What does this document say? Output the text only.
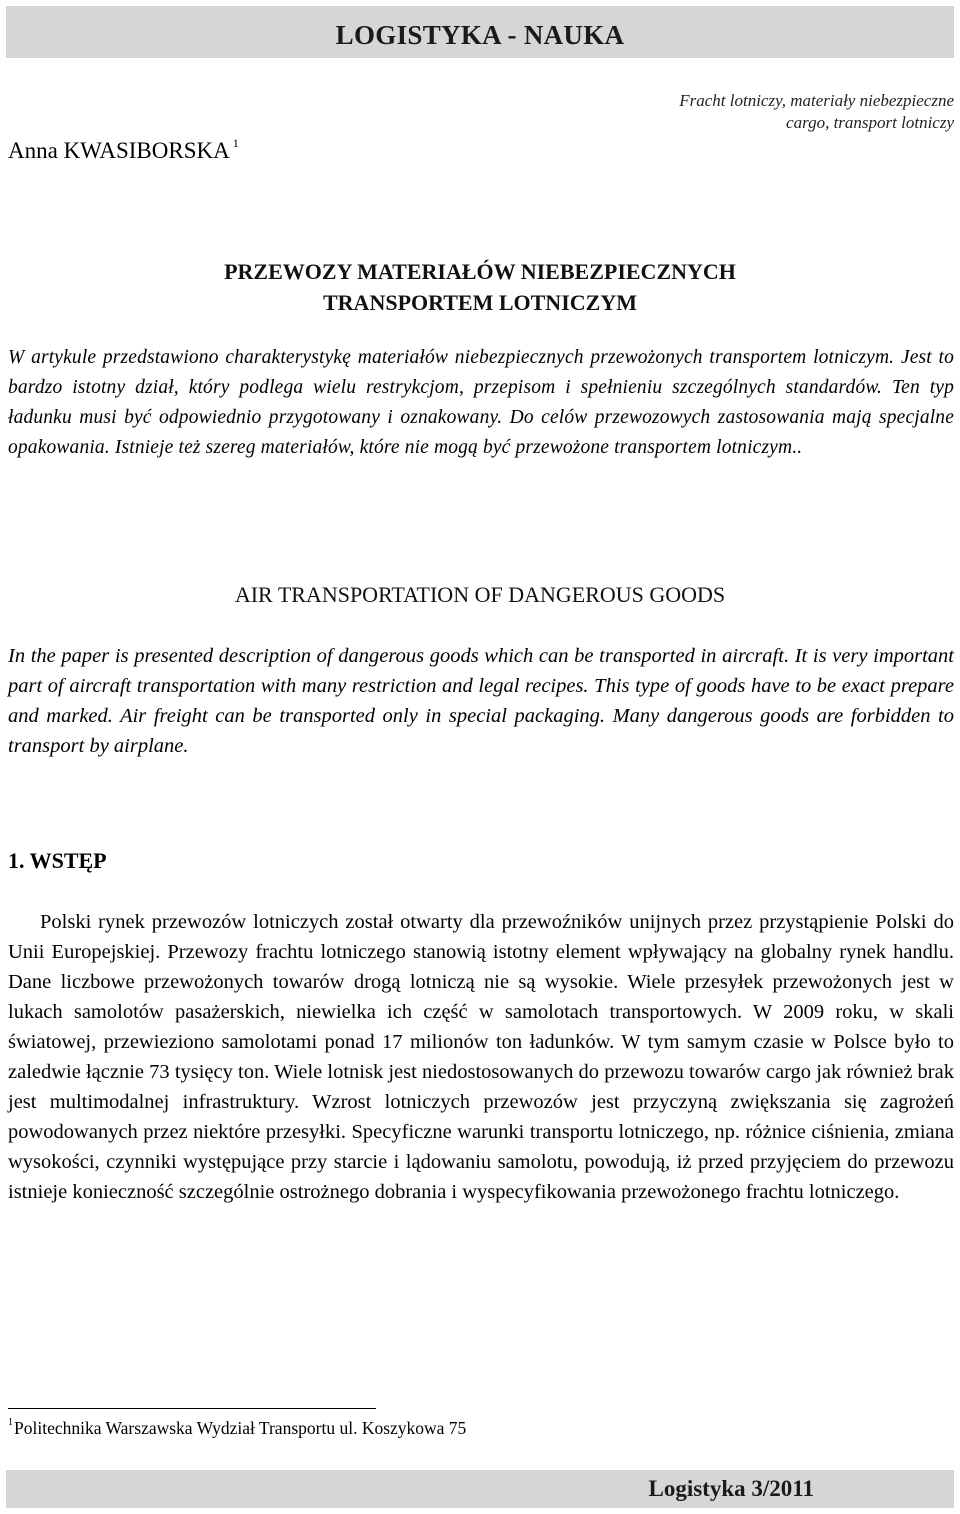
LOGISTYKA - NAUKA
Fracht lotniczy, materiały niebezpieczne
cargo, transport lotniczy
Anna KWASIBORSKA $^1$
PRZEWOZY MATERIAŁÓW NIEBEZPIECZNYCH
TRANSPORTEM LOTNICZYM
W artykule przedstawiono charakterystykę materiałów niebezpiecznych przewożonych transportem lotniczym. Jest to bardzo istotny dział, który podlega wielu restrykcjom, przepisom i spełnieniu szczególnych standardów. Ten typ ładunku musi być odpowiednio przygotowany i oznakowany. Do celów przewozowych zastosowania mają specjalne opakowania. Istnieje też szereg materiałów, które nie mogą być przewożone transportem lotniczym..
AIR TRANSPORTATION OF DANGEROUS GOODS
In the paper is presented description of dangerous goods which can be transported in aircraft. It is very important part of aircraft transportation with many restriction and legal recipes. This type of goods have to be exact prepare and marked. Air freight can be transported only in special packaging. Many dangerous goods are forbidden to transport by airplane.
1. WSTĘP
Polski rynek przewozów lotniczych został otwarty dla przewoźników unijnych przez przystąpienie Polski do Unii Europejskiej. Przewozy frachtu lotniczego stanowią istotny element wpływający na globalny rynek handlu. Dane liczbowe przewożonych towarów drogą lotniczą nie są wysokie. Wiele przesyłek przewożonych jest w lukach samolotów pasażerskich, niewielka ich część w samolotach transportowych. W 2009 roku, w skali światowej, przewieziono samolotami ponad 17 milionów ton ładunków. W tym samym czasie w Polsce było to zaledwie łącznie 73 tysięcy ton. Wiele lotnisk jest niedostosowanych do przewozu towarów cargo jak również brak jest multimodalnej infrastruktury. Wzrost lotniczych przewozów jest przyczyną zwiększania się zagrożeń powodowanych przez niektóre przesyłki. Specyficzne warunki transportu lotniczego, np. różnice ciśnienia, zmiana wysokości, czynniki występujące przy starcie i lądowaniu samolotu, powodują, iż przed przyjęciem do przewozu istnieje konieczność szczególnie ostrożnego dobrania i wyspecyfikowania przewożonego frachtu lotniczego.
$^1$Politechnika Warszawska Wydział Transportu ul. Koszykowa 75
Logistyka 3/2011
